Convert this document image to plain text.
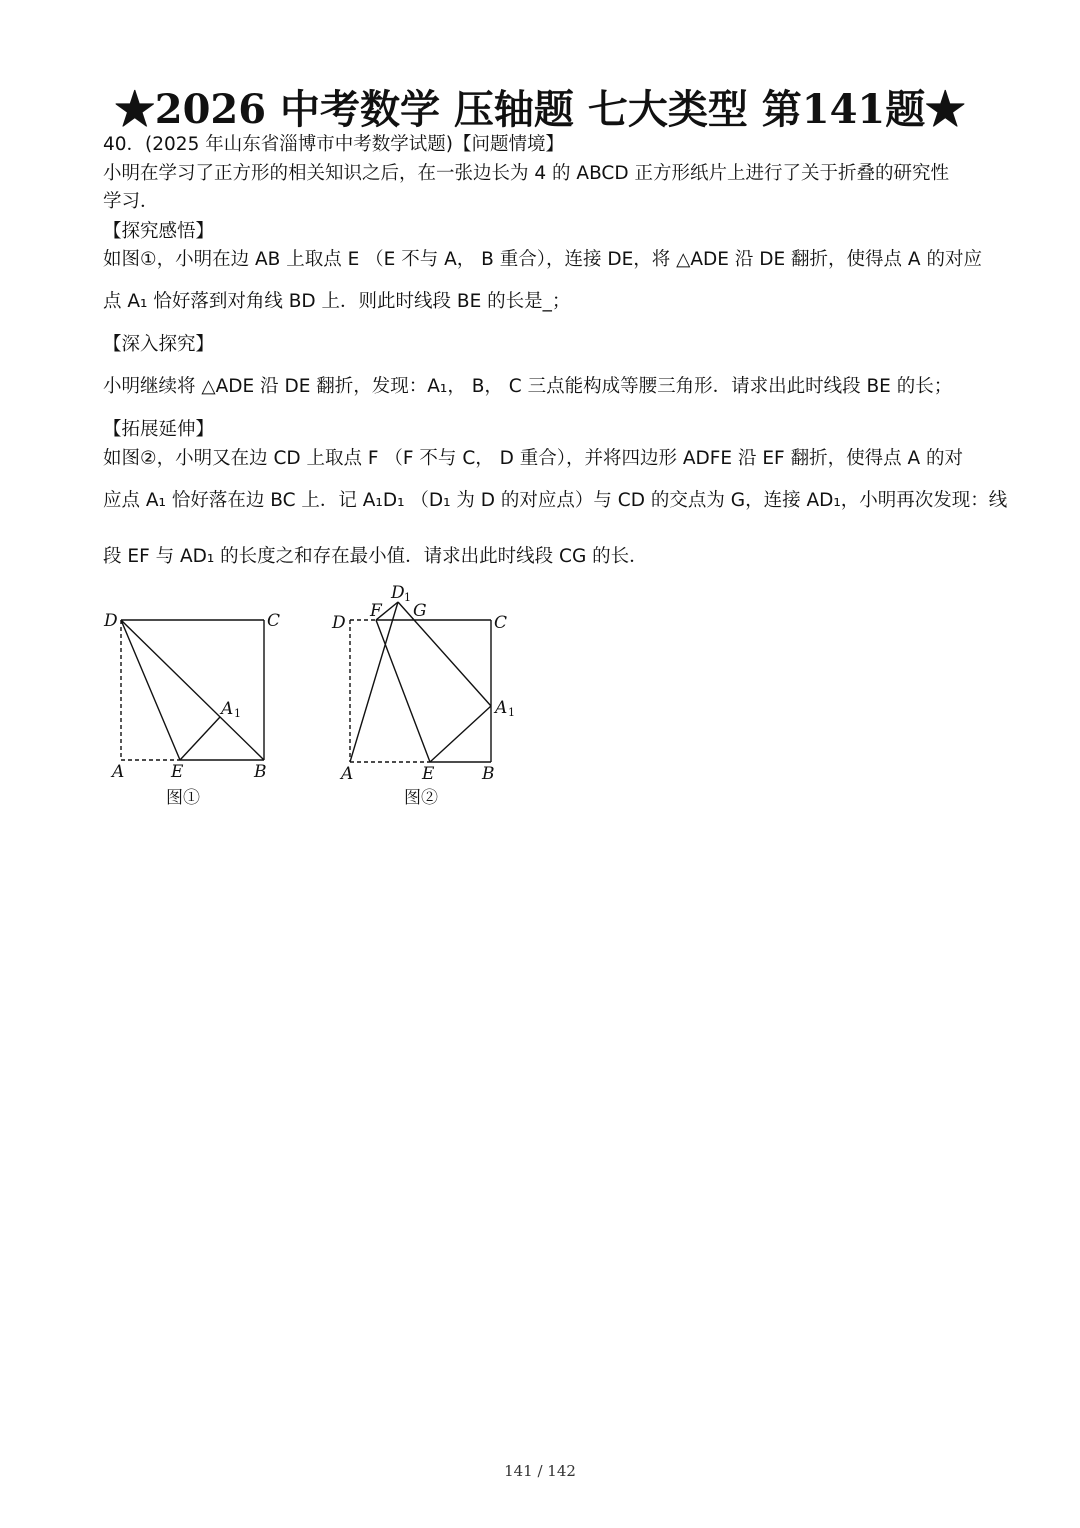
★2026 中考数学 压轴题 七大类型 第141题★
40．(2025 年山东省淄博市中考数学试题)【问题情境】
小明在学习了正方形的相关知识之后，在一张边长为 4 的 ABCD 正方形纸片上进行了关于折叠的研究性
学习．
【探究感悟】
如图①，小明在边 AB 上取点 E （E 不与 A， B 重合），连接 DE，将 △ADE 沿 DE 翻折，使得点 A 的对应
点 A₁ 恰好落到对角线 BD 上．则此时线段 BE 的长是_；
【深入探究】
小明继续将 △ADE 沿 DE 翻折，发现：A₁， B， C 三点能构成等腰三角形．请求出此时线段 BE 的长；
【拓展延伸】
如图②，小明又在边 CD 上取点 F （F 不与 C， D 重合），并将四边形 ADFE 沿 EF 翻折，使得点 A 的对
应点 A₁ 恰好落在边 BC 上．记 A₁D₁ （D₁ 为 D 的对应点）与 CD 的交点为 G，连接 AD₁，小明再次发现：线
段 EF 与 AD₁ 的长度之和存在最小值．请求出此时线段 CG 的长．
D	C
A	E	B
A 1
图①
D 1
F G
D	C
A 1
A	E	B
图②
141 / 142
